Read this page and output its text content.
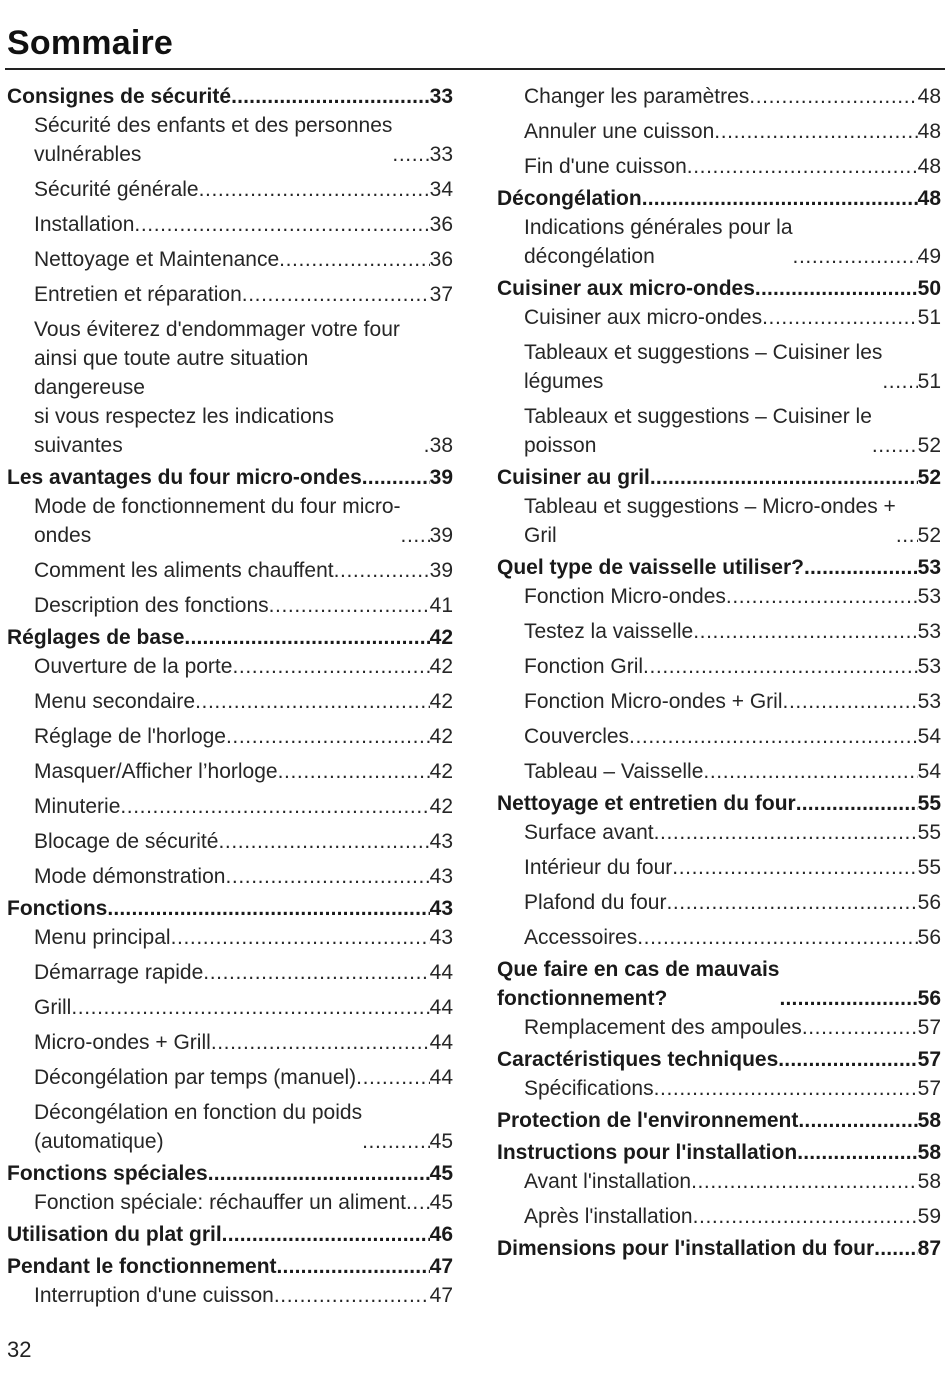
Sommaire
Consignes de sécurité .....	33
Sécurité des enfants et des personnes
vulnérables .....	33
Sécurité générale .....	34
Installation .....	36
Nettoyage et Maintenance .....	36
Entretien et réparation .....	37
Vous éviterez d'endommager votre four
ainsi que toute autre situation dangereuse
si vous respectez les indications suivantes .....	38
Les avantages du four micro-ondes .....	39
Mode de fonctionnement du four micro-
ondes .....	39
Comment les aliments chauffent .....	39
Description des fonctions .....	41
Réglages de base .....	42
Ouverture de la porte .....	42
Menu secondaire .....	42
Réglage de l'horloge .....	42
Masquer/Afficher l’horloge .....	42
Minuterie .....	42
Blocage de sécurité .....	43
Mode démonstration .....	43
Fonctions .....	43
Menu principal .....	43
Démarrage rapide .....	44
Grill .....	44
Micro-ondes + Grill .....	44
Décongélation par temps (manuel) .....	44
Décongélation en fonction du poids
(automatique) .....	45
Fonctions spéciales .....	45
Fonction spéciale: réchauffer un aliment ..... 45
Utilisation du plat gril .....	46
Pendant le fonctionnement .....	47
Interruption d'une cuisson .....	47
Changer les paramètres .....	48
Annuler une cuisson .....	48
Fin d'une cuisson .....	48
Décongélation .....	48
Indications générales pour la
décongélation .....	49
Cuisiner aux micro-ondes .....	50
Cuisiner aux micro-ondes .....	51
Tableaux et suggestions – Cuisiner les
légumes .....	51
Tableaux et suggestions – Cuisiner le
poisson .....	52
Cuisiner au gril .....	52
Tableau et suggestions – Micro-ondes +
Gril .....	52
Quel type de vaisselle utiliser? .....	53
Fonction Micro-ondes .....	53
Testez la vaisselle .....	53
Fonction Gril .....	53
Fonction Micro-ondes + Gril .....	53
Couvercles .....	54
Tableau – Vaisselle .....	54
Nettoyage et entretien du four .....	55
Surface avant .....	55
Intérieur du four .....	55
Plafond du four .....	56
Accessoires .....	56
Que faire en cas de mauvais
fonctionnement? .....	56
Remplacement des ampoules .....	57
Caractéristiques techniques .....	57
Spécifications .....	57
Protection de l'environnement .....	58
Instructions pour l'installation .....	58
Avant l'installation .....	58
Après l'installation .....	59
Dimensions pour l'installation du four ..... 87
32
